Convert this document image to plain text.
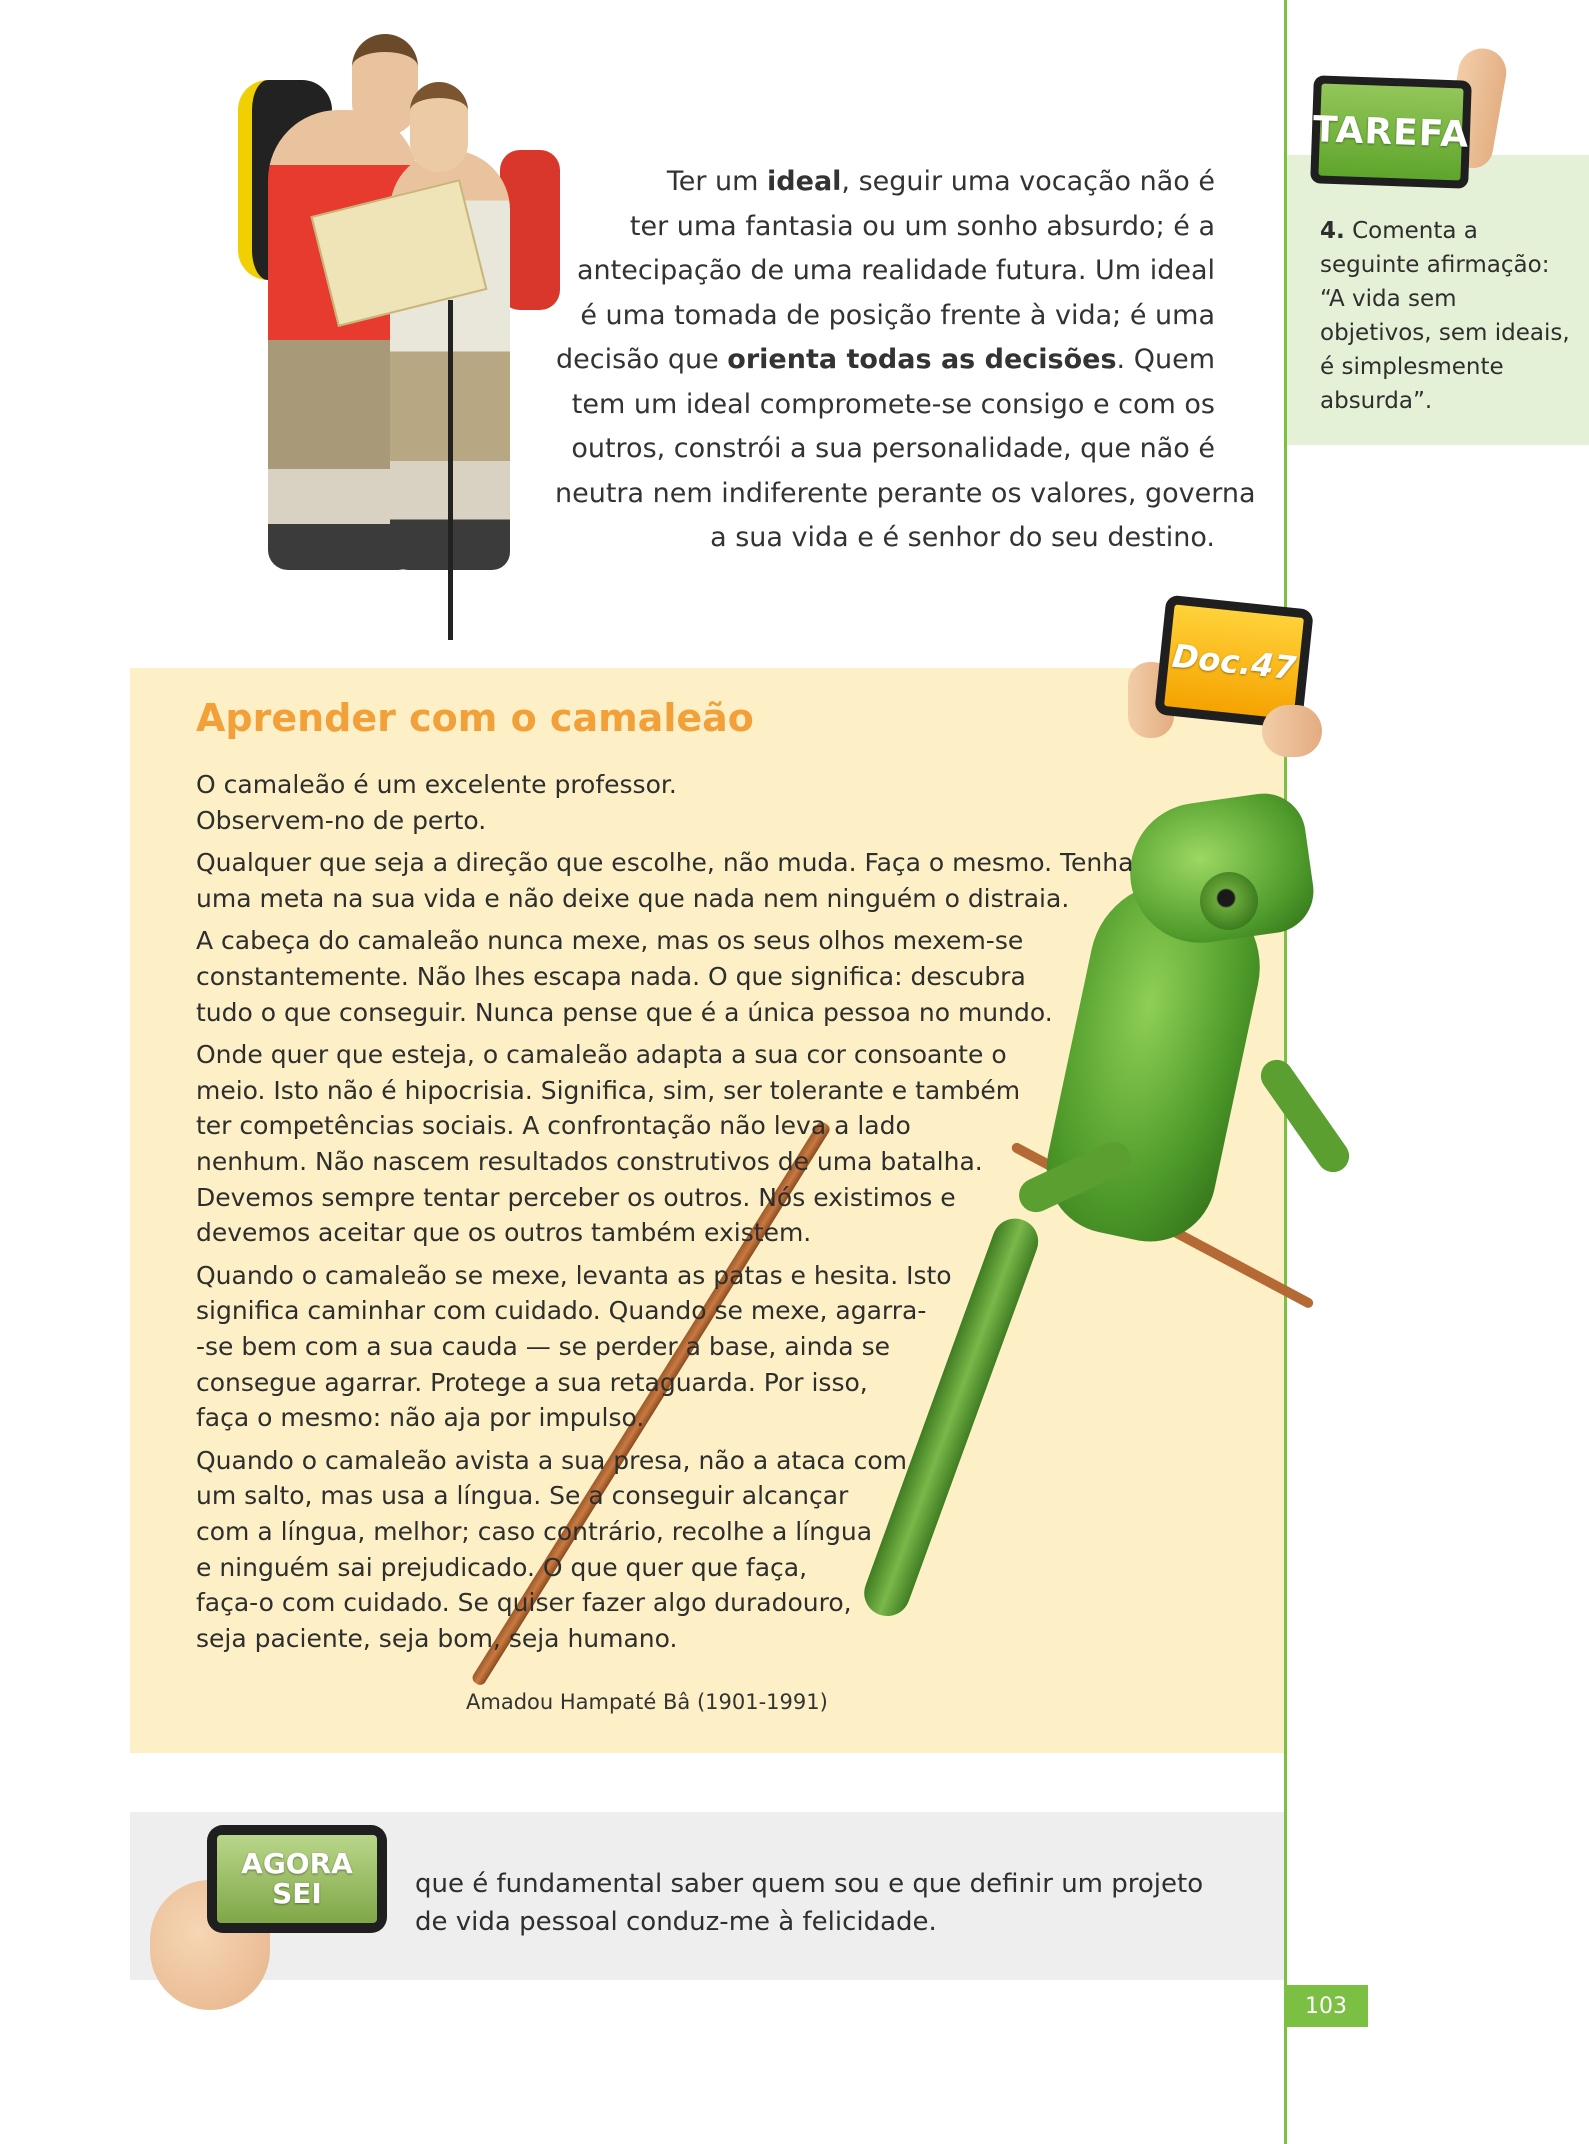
Ter um ideal, seguir uma vocação não é
ter uma fantasia ou um sonho absurdo; é a
antecipação de uma realidade futura. Um ideal
é uma tomada de posição frente à vida; é uma
decisão que orienta todas as decisões. Quem
tem um ideal compromete-se consigo e com os
outros, constrói a sua personalidade, que não é
neutra nem indiferente perante os valores, governa
a sua vida e é senhor do seu destino.
TAREFA
4. Comenta a
seguinte afirmação:
“A vida sem
objetivos, sem ideais,
é simplesmente
absurda”.
Doc.47
Aprender com o camaleão
O camaleão é um excelente professor.
Observem-no de perto.
Qualquer que seja a direção que escolhe, não muda. Faça o mesmo. Tenha
uma meta na sua vida e não deixe que nada nem ninguém o distraia.
A cabeça do camaleão nunca mexe, mas os seus olhos mexem-se
constantemente. Não lhes escapa nada. O que significa: descubra
tudo o que conseguir. Nunca pense que é a única pessoa no mundo.
Onde quer que esteja, o camaleão adapta a sua cor consoante o
meio. Isto não é hipocrisia. Significa, sim, ser tolerante e também
ter competências sociais. A confrontação não leva a lado
nenhum. Não nascem resultados construtivos de uma batalha.
Devemos sempre tentar perceber os outros. Nós existimos e
devemos aceitar que os outros também existem.
Quando o camaleão se mexe, levanta as patas e hesita. Isto
significa caminhar com cuidado. Quando se mexe, agarra-
-se bem com a sua cauda — se perder a base, ainda se
consegue agarrar. Protege a sua retaguarda. Por isso,
faça o mesmo: não aja por impulso.
Quando o camaleão avista a sua presa, não a ataca com
um salto, mas usa a língua. Se a conseguir alcançar
com a língua, melhor; caso contrário, recolhe a língua
e ninguém sai prejudicado. O que quer que faça,
faça-o com cuidado. Se quiser fazer algo duradouro,
seja paciente, seja bom, seja humano.
Amadou Hampaté Bâ (1901-1991)
AGORA
SEI	que é fundamental saber quem sou e que definir um projeto de vida pessoal conduz-me à felicidade.
103
